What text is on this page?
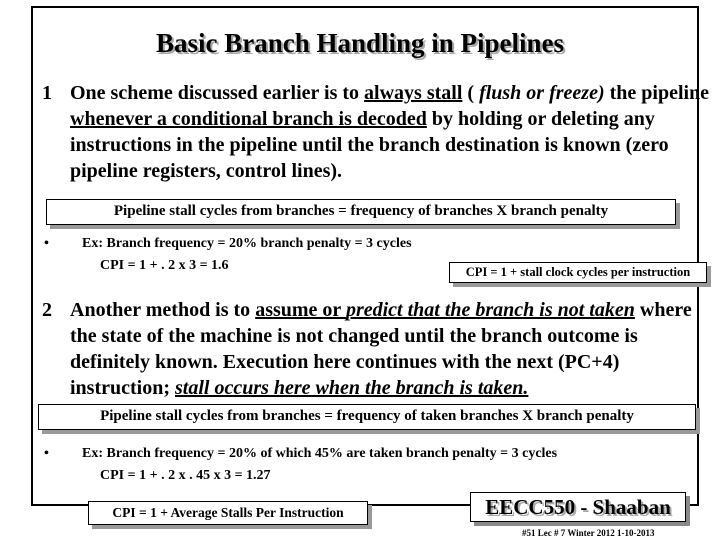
Basic Branch Handling in Pipelines
1 One scheme discussed earlier is to always stall ( flush or freeze) the pipeline whenever a conditional branch is decoded by holding or deleting any instructions in the pipeline until the branch destination is known (zero pipeline registers, control lines).
Pipeline stall cycles from branches = frequency of branches X branch penalty
• Ex: Branch frequency = 20% branch penalty = 3 cycles
CPI = 1 + . 2 x 3 = 1.6	CPI = 1 + stall clock cycles per instruction
2 Another method is to assume or predict that the branch is not taken where the state of the machine is not changed until the branch outcome is definitely known. Execution here continues with the next (PC+4) instruction; stall occurs here when the branch is taken.
Pipeline stall cycles from branches = frequency of taken branches X branch penalty
• Ex: Branch frequency = 20% of which 45% are taken branch penalty = 3 cycles
CPI = 1 + . 2 x . 45 x 3 = 1.27
CPI = 1 + Average Stalls Per Instruction	EECC550 - Shaaban
#51 Lec # 7 Winter 2012 1-10-2013
